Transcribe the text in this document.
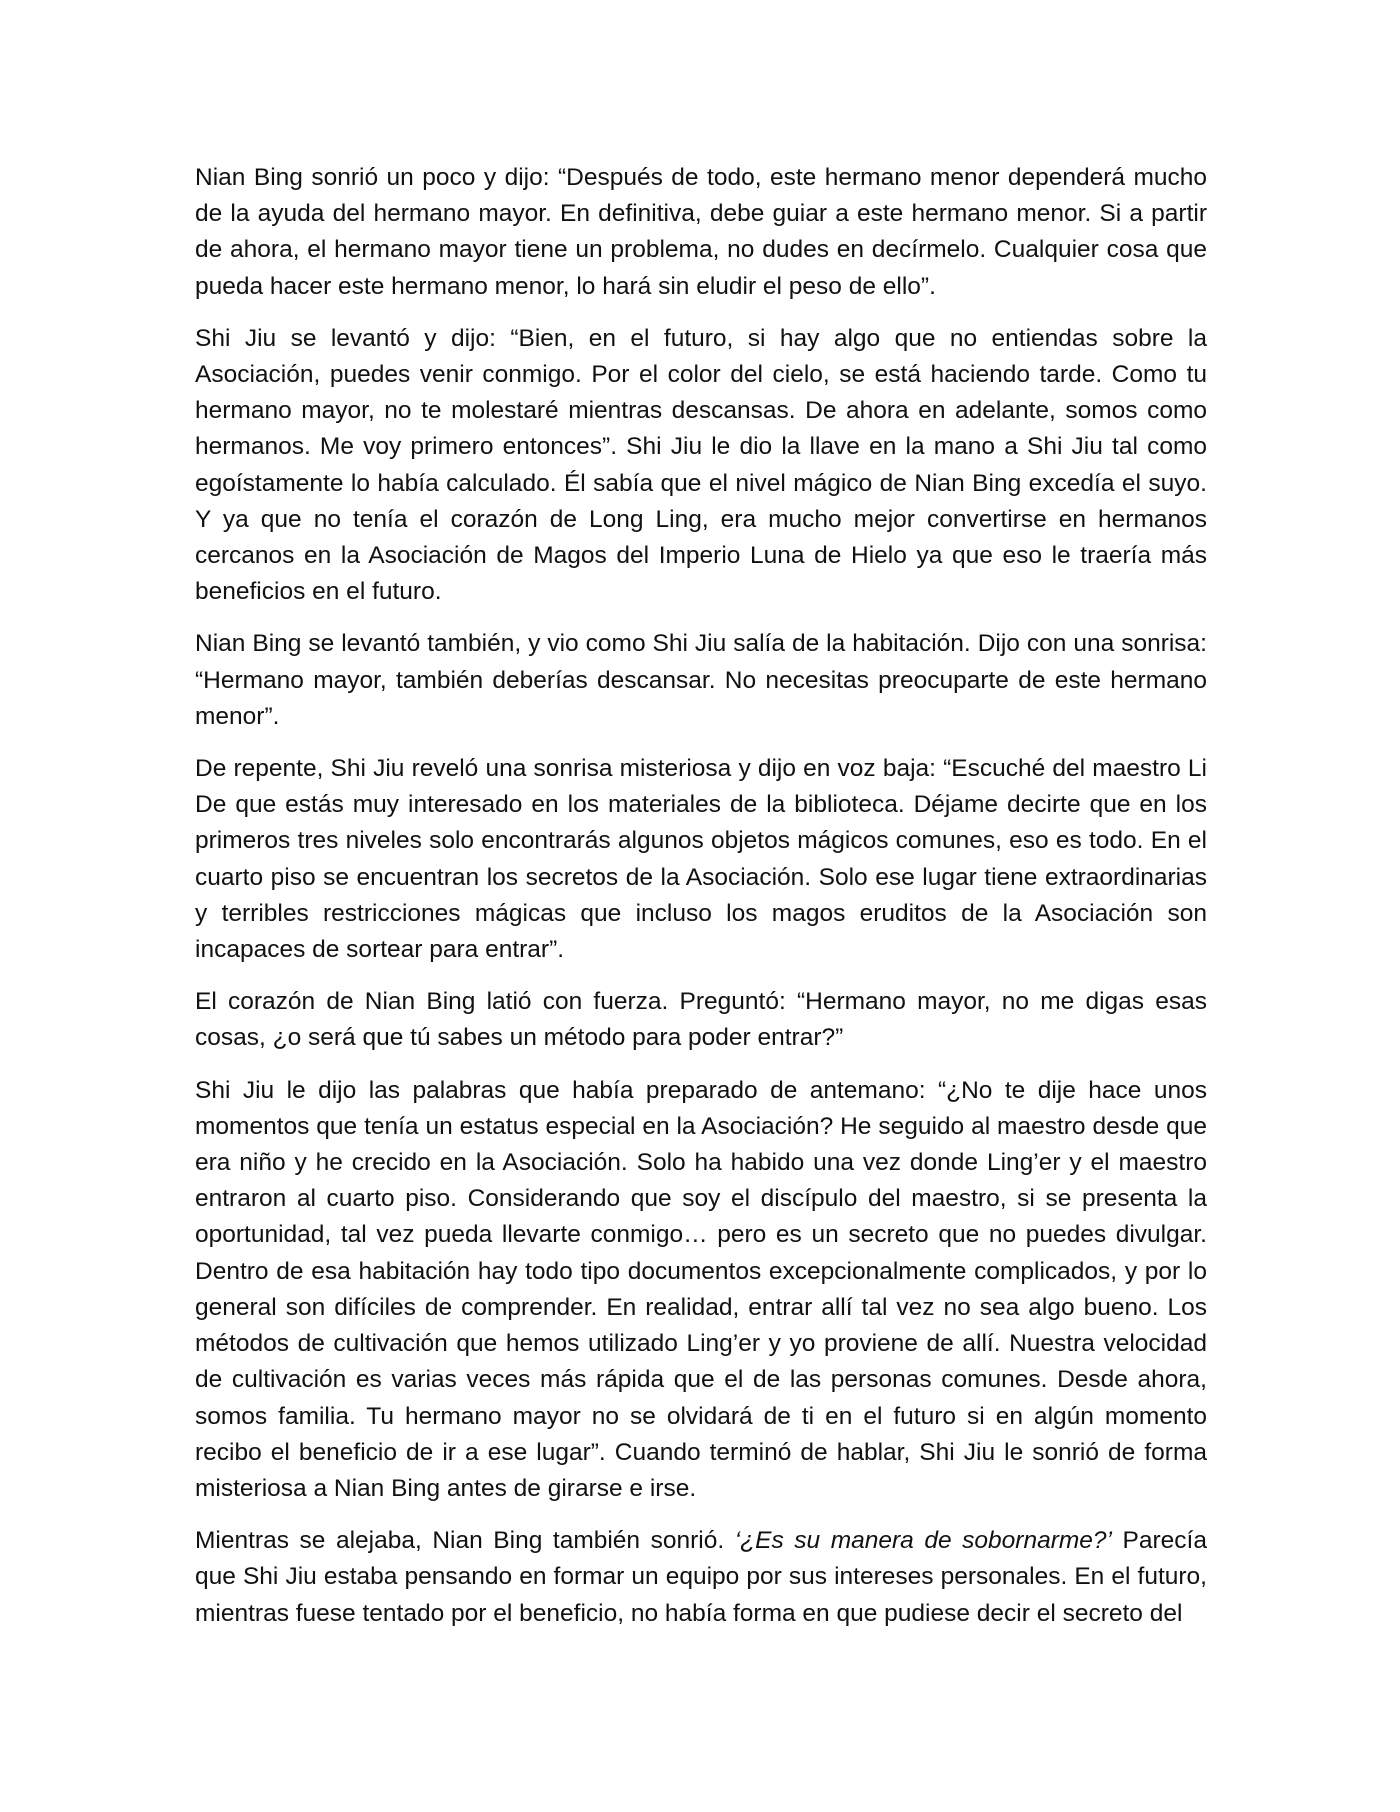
Nian Bing sonrió un poco y dijo: “Después de todo, este hermano menor dependerá mucho de la ayuda del hermano mayor. En definitiva, debe guiar a este hermano menor. Si a partir de ahora, el hermano mayor tiene un problema, no dudes en decírmelo. Cualquier cosa que pueda hacer este hermano menor, lo hará sin eludir el peso de ello”.

Shi Jiu se levantó y dijo: “Bien, en el futuro, si hay algo que no entiendas sobre la Asociación, puedes venir conmigo. Por el color del cielo, se está haciendo tarde. Como tu hermano mayor, no te molestaré mientras descansas. De ahora en adelante, somos como hermanos. Me voy primero entonces”. Shi Jiu le dio la llave en la mano a Shi Jiu tal como egoístamente lo había calculado. Él sabía que el nivel mágico de Nian Bing excedía el suyo. Y ya que no tenía el corazón de Long Ling, era mucho mejor convertirse en hermanos cercanos en la Asociación de Magos del Imperio Luna de Hielo ya que eso le traería más beneficios en el futuro.

Nian Bing se levantó también, y vio como Shi Jiu salía de la habitación. Dijo con una sonrisa: “Hermano mayor, también deberías descansar. No necesitas preocuparte de este hermano menor”.

De repente, Shi Jiu reveló una sonrisa misteriosa y dijo en voz baja: “Escuché del maestro Li De que estás muy interesado en los materiales de la biblioteca. Déjame decirte que en los primeros tres niveles solo encontrarás algunos objetos mágicos comunes, eso es todo. En el cuarto piso se encuentran los secretos de la Asociación. Solo ese lugar tiene extraordinarias y terribles restricciones mágicas que incluso los magos eruditos de la Asociación son incapaces de sortear para entrar”.

El corazón de Nian Bing latió con fuerza. Preguntó: “Hermano mayor, no me digas esas cosas, ¿o será que tú sabes un método para poder entrar?”

Shi Jiu le dijo las palabras que había preparado de antemano: “¿No te dije hace unos momentos que tenía un estatus especial en la Asociación? He seguido al maestro desde que era niño y he crecido en la Asociación. Solo ha habido una vez donde Ling’er y el maestro entraron al cuarto piso. Considerando que soy el discípulo del maestro, si se presenta la oportunidad, tal vez pueda llevarte conmigo… pero es un secreto que no puedes divulgar. Dentro de esa habitación hay todo tipo documentos excepcionalmente complicados, y por lo general son difíciles de comprender. En realidad, entrar allí tal vez no sea algo bueno. Los métodos de cultivación que hemos utilizado Ling’er y yo proviene de allí. Nuestra velocidad de cultivación es varias veces más rápida que el de las personas comunes. Desde ahora, somos familia. Tu hermano mayor no se olvidará de ti en el futuro si en algún momento recibo el beneficio de ir a ese lugar”. Cuando terminó de hablar, Shi Jiu le sonrió de forma misteriosa a Nian Bing antes de girarse e irse.

Mientras se alejaba, Nian Bing también sonrió. ‘¿Es su manera de sobornarme?’ Parecía que Shi Jiu estaba pensando en formar un equipo por sus intereses personales. En el futuro, mientras fuese tentado por el beneficio, no había forma en que pudiese decir el secreto del
